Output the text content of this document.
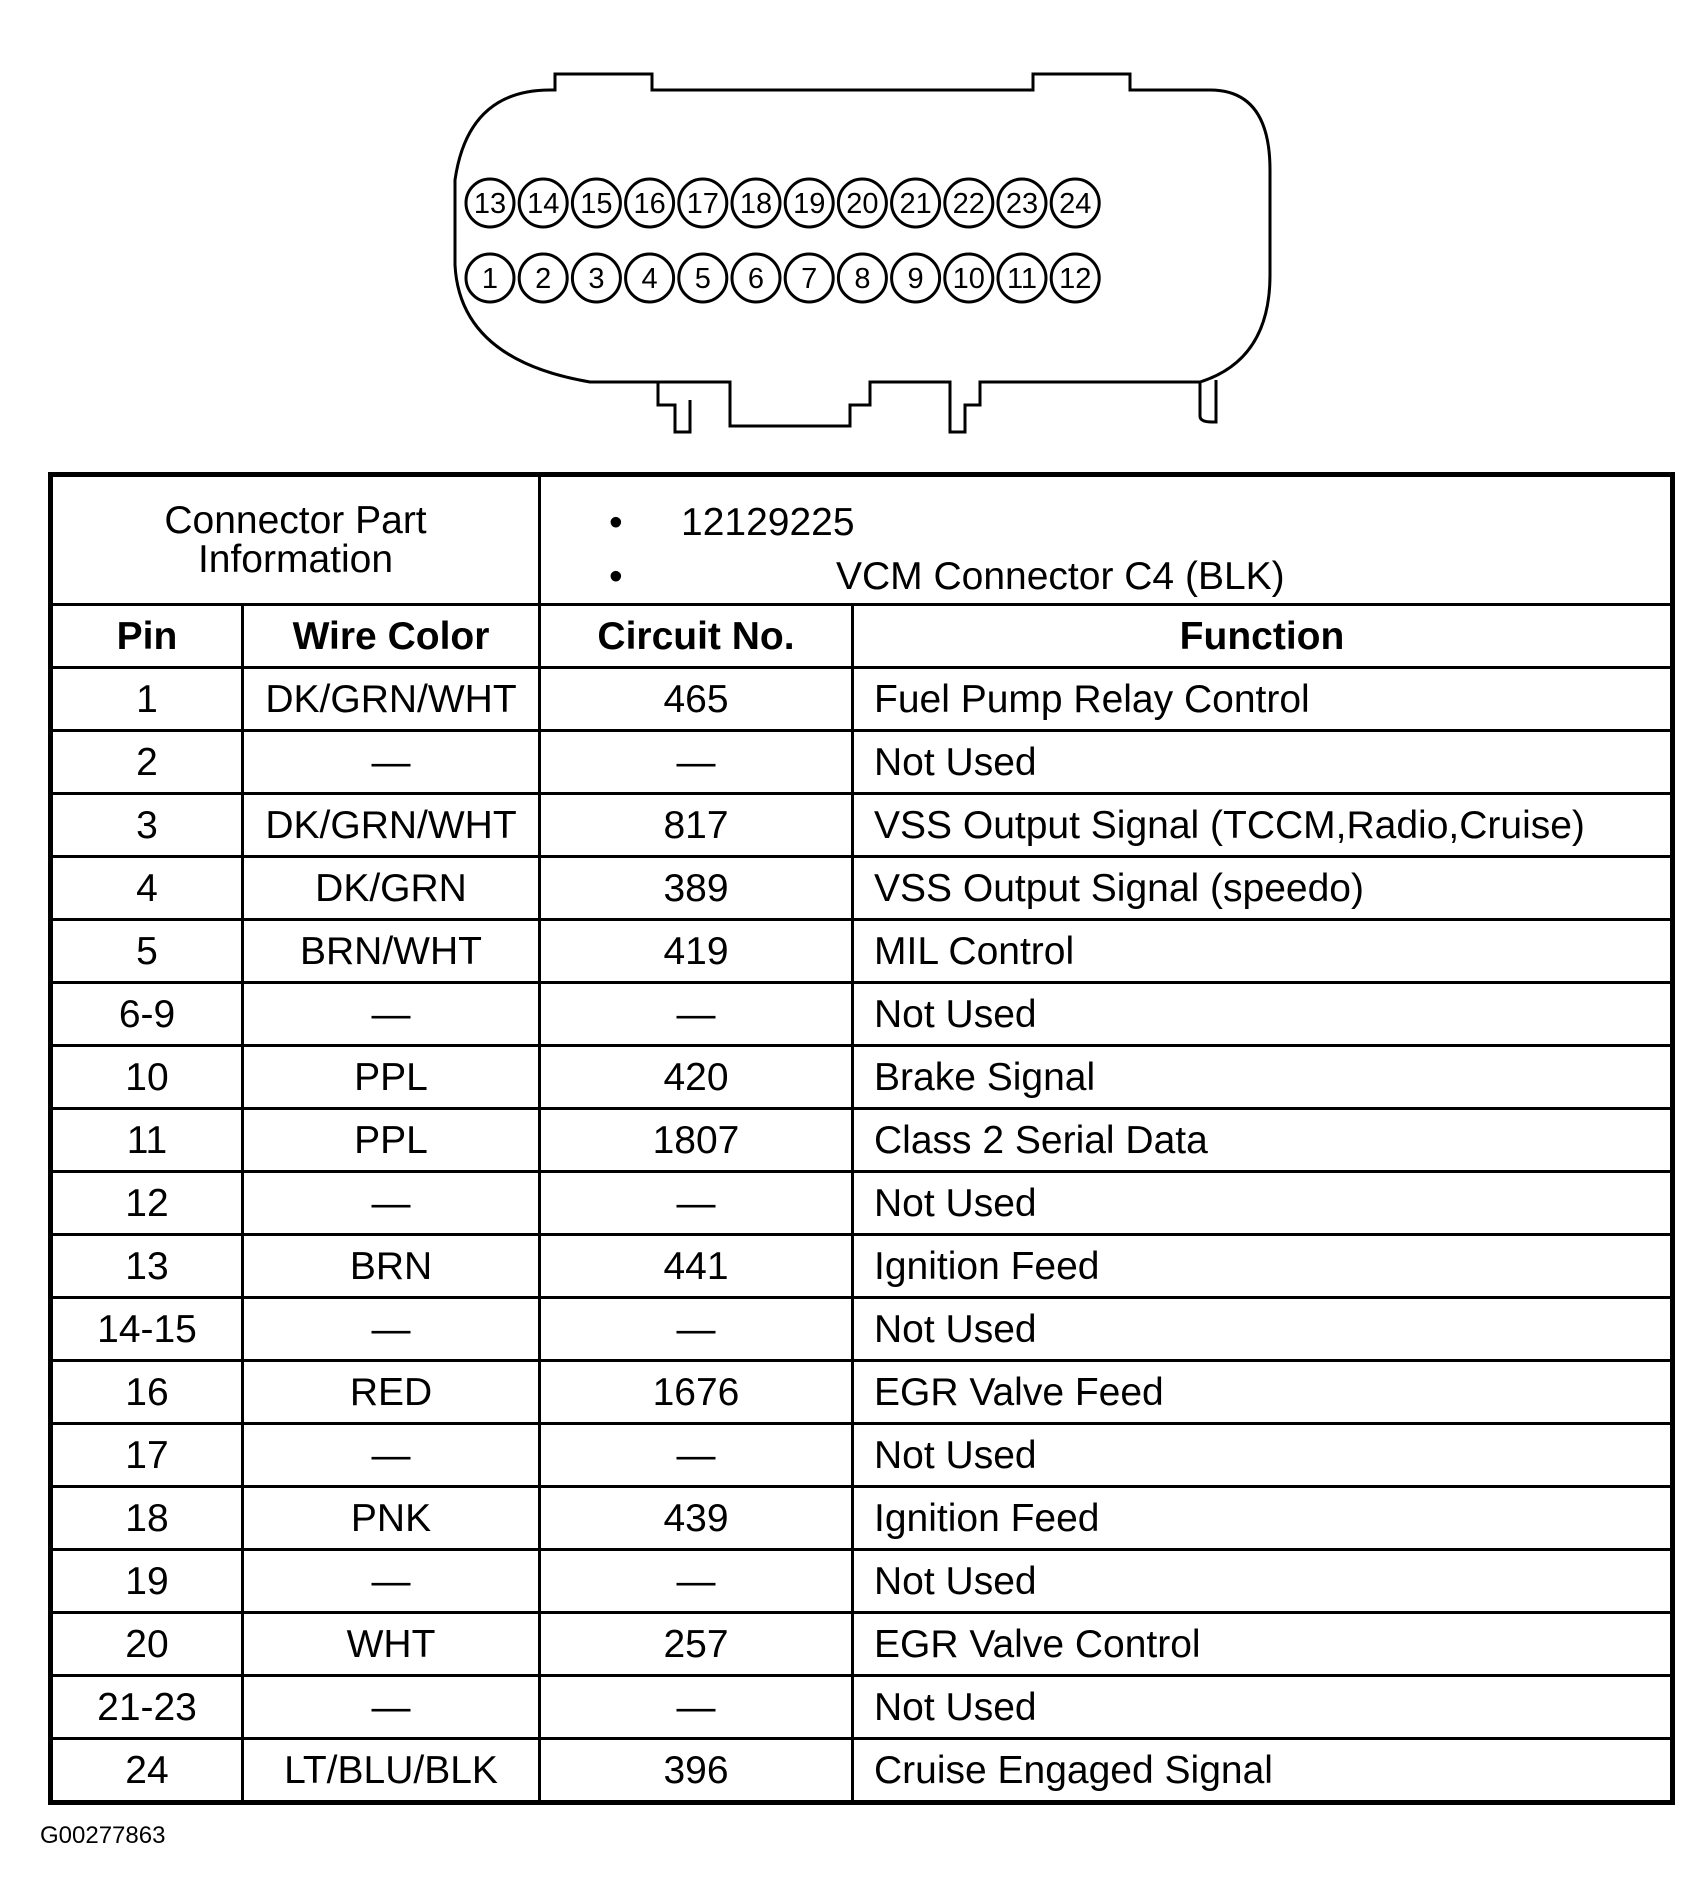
13 14 15 16 17 18 19 20 21 22 23 24
1 2 3 4 5 6 7 8 9 10 11 12
Connector Part Information		• 12129225
• VCM Connector C4 (BLK)	

Pin	Wire Color	Circuit No.	Function
1	DK/GRN/WHT	465	Fuel Pump Relay Control
2	—	—	Not Used
3	DK/GRN/WHT	817	VSS Output Signal (TCCM,Radio,Cruise)
4	DK/GRN	389	VSS Output Signal (speedo)
5	BRN/WHT	419	MIL Control
6-9	—	—	Not Used
10	PPL	420	Brake Signal
11	PPL	1807	Class 2 Serial Data
12	—	—	Not Used
13	BRN	441	Ignition Feed
14-15	—	—	Not Used
16	RED	1676	EGR Valve Feed
17	—	—	Not Used
18	PNK	439	Ignition Feed
19	—	—	Not Used
20	WHT	257	EGR Valve Control
21-23	—	—	Not Used
24	LT/BLU/BLK	396	Cruise Engaged Signal
G00277863
